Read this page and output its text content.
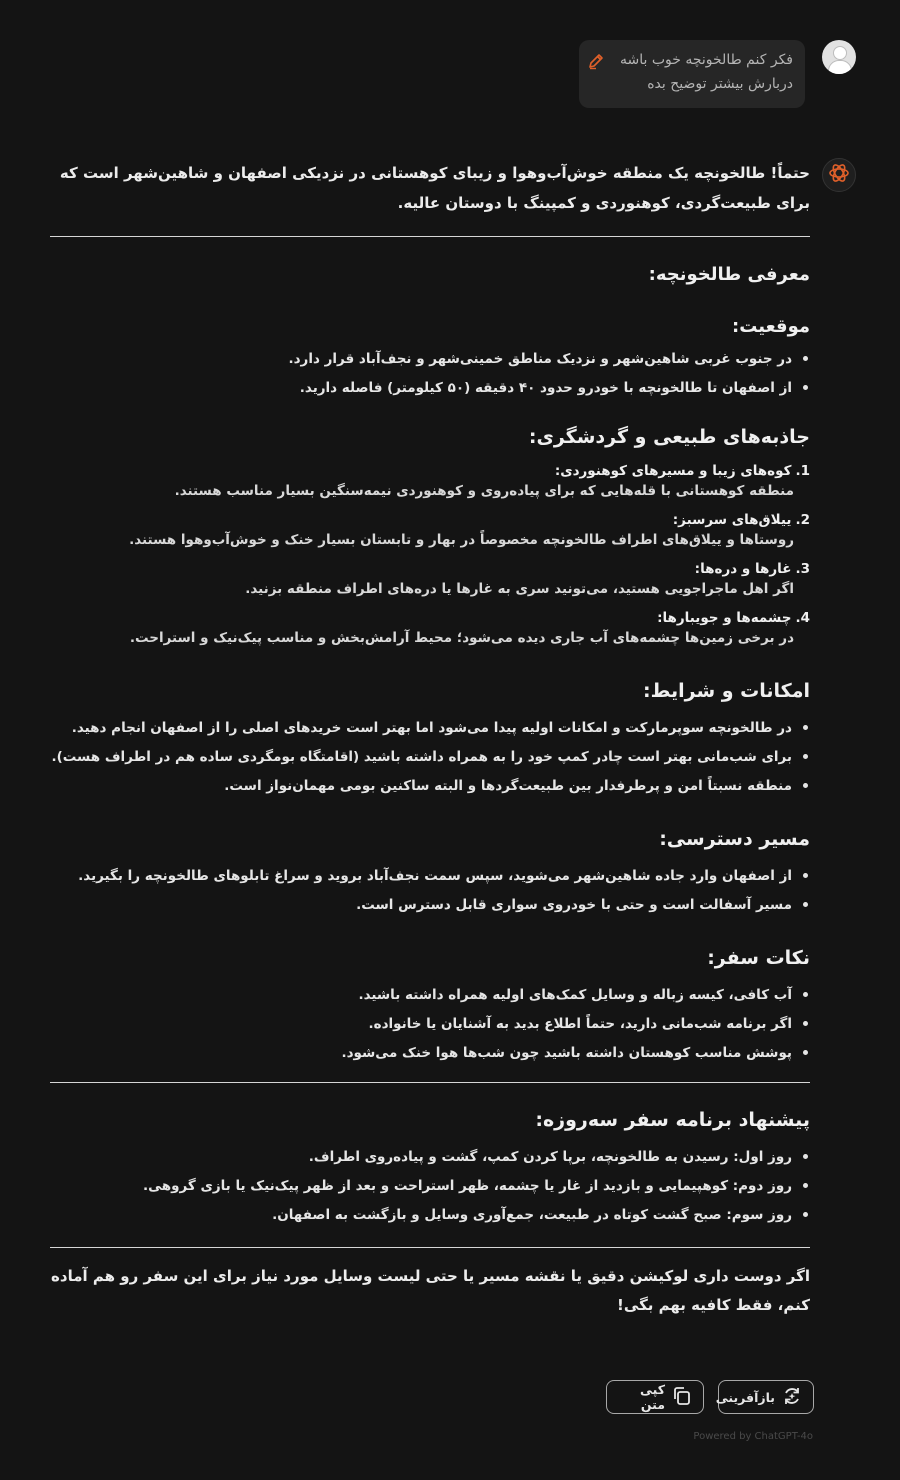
فکر کنم طالخونچه خوب باشه
دربارش بیشتر توضیح بده

حتماً! طالخونچه یک منطقه خوش‌آب‌وهوا و زیبای کوهستانی در نزدیکی اصفهان و شاهین‌شهر است که برای طبیعت‌گردی، کوهنوردی و کمپینگ با دوستان عالیه.

معرفی طالخونچه:
موقعیت:
در جنوب غربی شاهین‌شهر و نزدیک مناطق خمینی‌شهر و نجف‌آباد قرار دارد.
از اصفهان تا طالخونچه با خودرو حدود ۴۰ دقیقه (۵۰ کیلومتر) فاصله دارید.
جاذبه‌های طبیعی و گردشگری:
1.کوه‌های زیبا و مسیرهای کوهنوردی:
منطقه کوهستانی با قله‌هایی که برای پیاده‌روی و کوهنوردی نیمه‌سنگین بسیار مناسب هستند.
2.ییلاق‌های سرسبز:
روستاها و ییلاق‌های اطراف طالخونچه مخصوصاً در بهار و تابستان بسیار خنک و خوش‌آب‌وهوا هستند.
3.غارها و دره‌ها:
اگر اهل ماجراجویی هستید، می‌تونید سری به غارها یا دره‌های اطراف منطقه بزنید.
4.چشمه‌ها و جویبارها:
در برخی زمین‌ها چشمه‌های آب جاری دیده می‌شود؛ محیط آرامش‌بخش و مناسب پیک‌نیک و استراحت.
امکانات و شرایط:
در طالخونچه سوپرمارکت و امکانات اولیه پیدا می‌شود اما بهتر است خریدهای اصلی را از اصفهان انجام دهید.
برای شب‌مانی بهتر است چادر کمپ خود را به همراه داشته باشید (اقامتگاه بومگردی ساده هم در اطراف هست).
منطقه نسبتاً امن و پرطرفدار بین طبیعت‌گردها و البته ساکنین بومی مهمان‌نواز است.
مسیر دسترسی:
از اصفهان وارد جاده شاهین‌شهر می‌شوید، سپس سمت نجف‌آباد بروید و سراغ تابلوهای طالخونچه را بگیرید.
مسیر آسفالت است و حتی با خودروی سواری قابل دسترس است.
نکات سفر:
آب کافی، کیسه زباله و وسایل کمک‌های اولیه همراه داشته باشید.
اگر برنامه شب‌مانی دارید، حتماً اطلاع بدید به آشنایان یا خانواده.
پوشش مناسب کوهستان داشته باشید چون شب‌ها هوا خنک می‌شود.
پیشنهاد برنامه سفر سه‌روزه:
روز اول: رسیدن به طالخونچه، برپا کردن کمپ، گشت و پیاده‌روی اطراف.
روز دوم: کوهپیمایی و بازدید از غار یا چشمه، ظهر استراحت و بعد از ظهر پیک‌نیک یا بازی گروهی.
روز سوم: صبح گشت کوتاه در طبیعت، جمع‌آوری وسایل و بازگشت به اصفهان.

اگر دوست داری لوکیشن دقیق یا نقشه مسیر یا حتی لیست وسایل مورد نیاز برای این سفر رو هم آماده کنم، فقط کافیه بهم بگی!

بازآفرینی
کپی متن
Powered by ChatGPT-4o
